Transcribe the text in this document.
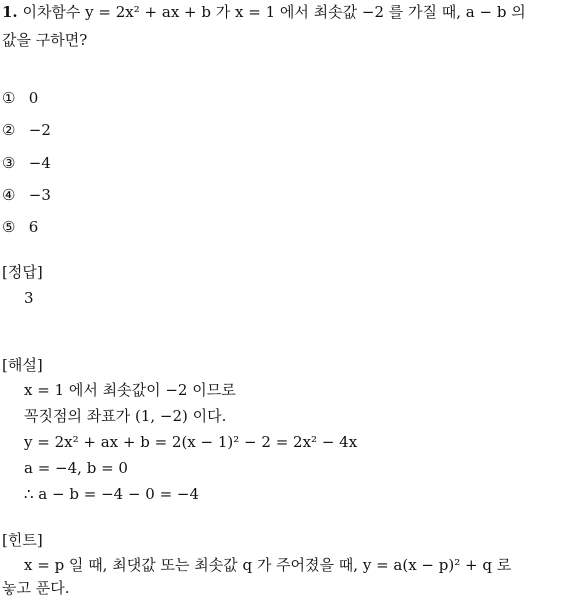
1. 이차함수 y = 2x² + ax + b 가 x = 1 에서 최솟값 −2 를 가질 때, a − b 의
값을 구하면?
① 0
② −2
③ −4
④ −3
⑤ 6
[정답]
3
[해설]
x = 1 에서 최솟값이 −2 이므로
꼭짓점의 좌표가 (1, −2) 이다.
y = 2x² + ax + b = 2(x − 1)² − 2 = 2x² − 4x
a = −4, b = 0
∴ a − b = −4 − 0 = −4
[힌트]
x = p 일 때, 최댓값 또는 최솟값 q 가 주어졌을 때, y = a(x − p)² + q 로
놓고 푼다.
